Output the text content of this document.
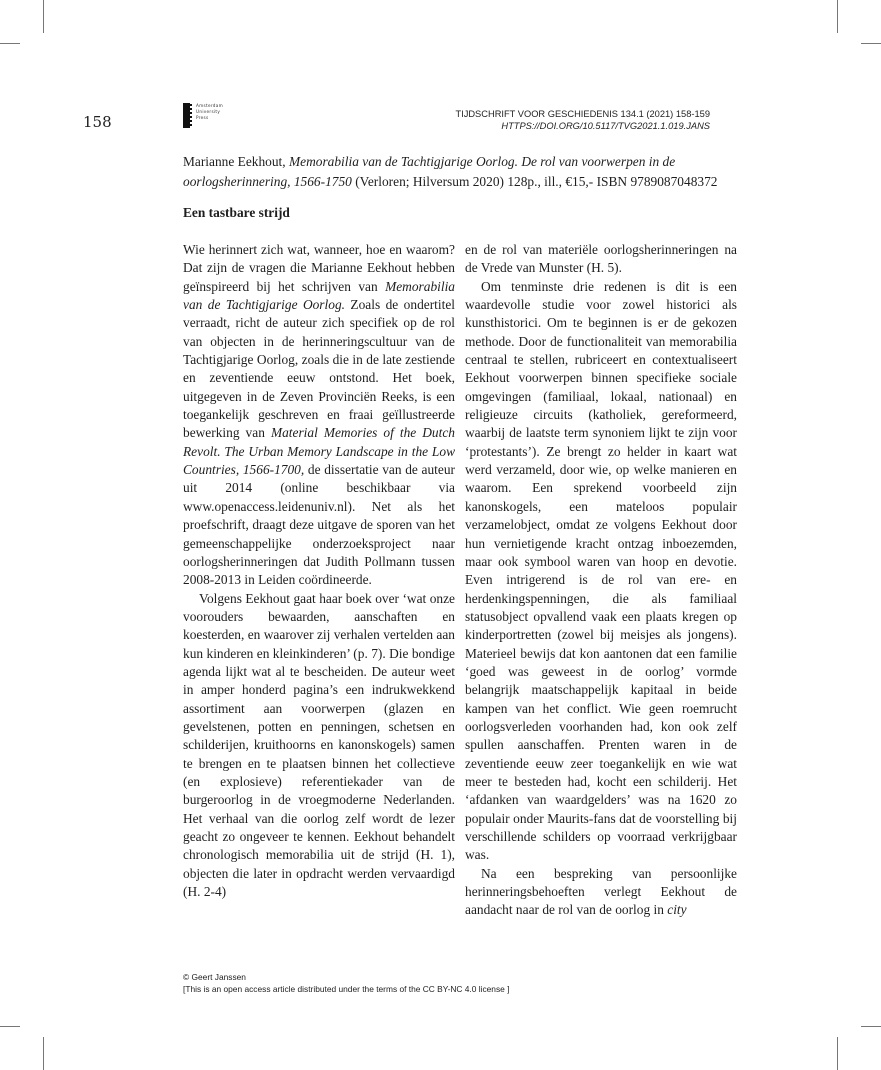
158
Amsterdam
University
Press	TIJDSCHRIFT VOOR GESCHIEDENIS 134.1 (2021) 158-159
HTTPS://DOI.ORG/10.5117/TVG2021.1.019.JANS
Marianne Eekhout, Memorabilia van de Tachtigjarige Oorlog. De rol van voorwerpen in de oorlogsherinnering, 1566-1750 (Verloren; Hilversum 2020) 128p., ill., €15,- ISBN 9789087048372
Een tastbare strijd

Wie herinnert zich wat, wanneer, hoe en waarom? Dat zijn de vragen die Marianne Eekhout hebben geïnspireerd bij het schrijven van Memorabilia van de Tachtigjarige Oorlog. Zoals de ondertitel verraadt, richt de auteur zich specifiek op de rol van objecten in de herinneringscultuur van de Tachtigjarige Oorlog, zoals die in de late zestiende en zeventiende eeuw ontstond. Het boek, uitgegeven in de Zeven Provinciën Reeks, is een toegankelijk geschreven en fraai geïllustreerde bewerking van Material Memories of the Dutch Revolt. The Urban Memory Landscape in the Low Countries, 1566-1700, de dissertatie van de auteur uit 2014 (online beschikbaar via www.openaccess.leidenuniv.nl). Net als het proefschrift, draagt deze uitgave de sporen van het gemeenschappelijke onderzoeksproject naar oorlogsherinneringen dat Judith Pollmann tussen 2008-2013 in Leiden coördineerde.

Volgens Eekhout gaat haar boek over ‘wat onze voorouders bewaarden, aanschaften en koesterden, en waarover zij verhalen vertelden aan kun kinderen en kleinkinderen’ (p. 7). Die bondige agenda lijkt wat al te bescheiden. De auteur weet in amper honderd pagina’s een indrukwekkend assortiment aan voorwerpen (glazen en gevelstenen, potten en penningen, schetsen en schilderijen, kruithoorns en kanonskogels) samen te brengen en te plaatsen binnen het collectieve (en explosieve) referentiekader van de burgeroorlog in de vroegmoderne Nederlanden. Het verhaal van die oorlog zelf wordt de lezer geacht zo ongeveer te kennen. Eekhout behandelt chronologisch memorabilia uit de strijd (H. 1), objecten die later in opdracht werden vervaardigd (H. 2-4)

en de rol van materiële oorlogsherinneringen na de Vrede van Munster (H. 5).

Om tenminste drie redenen is dit is een waardevolle studie voor zowel historici als kunsthistorici. Om te beginnen is er de gekozen methode. Door de functionaliteit van memorabilia centraal te stellen, rubriceert en contextualiseert Eekhout voorwerpen binnen specifieke sociale omgevingen (familiaal, lokaal, nationaal) en religieuze circuits (katholiek, gereformeerd, waarbij de laatste term synoniem lijkt te zijn voor ‘protestants’). Ze brengt zo helder in kaart wat werd verzameld, door wie, op welke manieren en waarom. Een sprekend voorbeeld zijn kanonskogels, een mateloos populair verzamelobject, omdat ze volgens Eekhout door hun vernietigende kracht ontzag inboezemden, maar ook symbool waren van hoop en devotie. Even intrigerend is de rol van ere- en herdenkingspenningen, die als familiaal statusobject opvallend vaak een plaats kregen op kinderportretten (zowel bij meisjes als jongens). Materieel bewijs dat kon aantonen dat een familie ‘goed was geweest in de oorlog’ vormde belangrijk maatschappelijk kapitaal in beide kampen van het conflict. Wie geen roemrucht oorlogsverleden voorhanden had, kon ook zelf spullen aanschaffen. Prenten waren in de zeventiende eeuw zeer toegankelijk en wie wat meer te besteden had, kocht een schilderij. Het ‘afdanken van waardgelders’ was na 1620 zo populair onder Maurits-fans dat de voorstelling bij verschillende schilders op voorraad verkrijgbaar was.

Na een bespreking van persoonlijke herinneringsbehoeften verlegt Eekhout de aandacht naar de rol van de oorlog in city

© Geert Janssen
[This is an open access article distributed under the terms of the CC BY-NC 4.0 license ]
